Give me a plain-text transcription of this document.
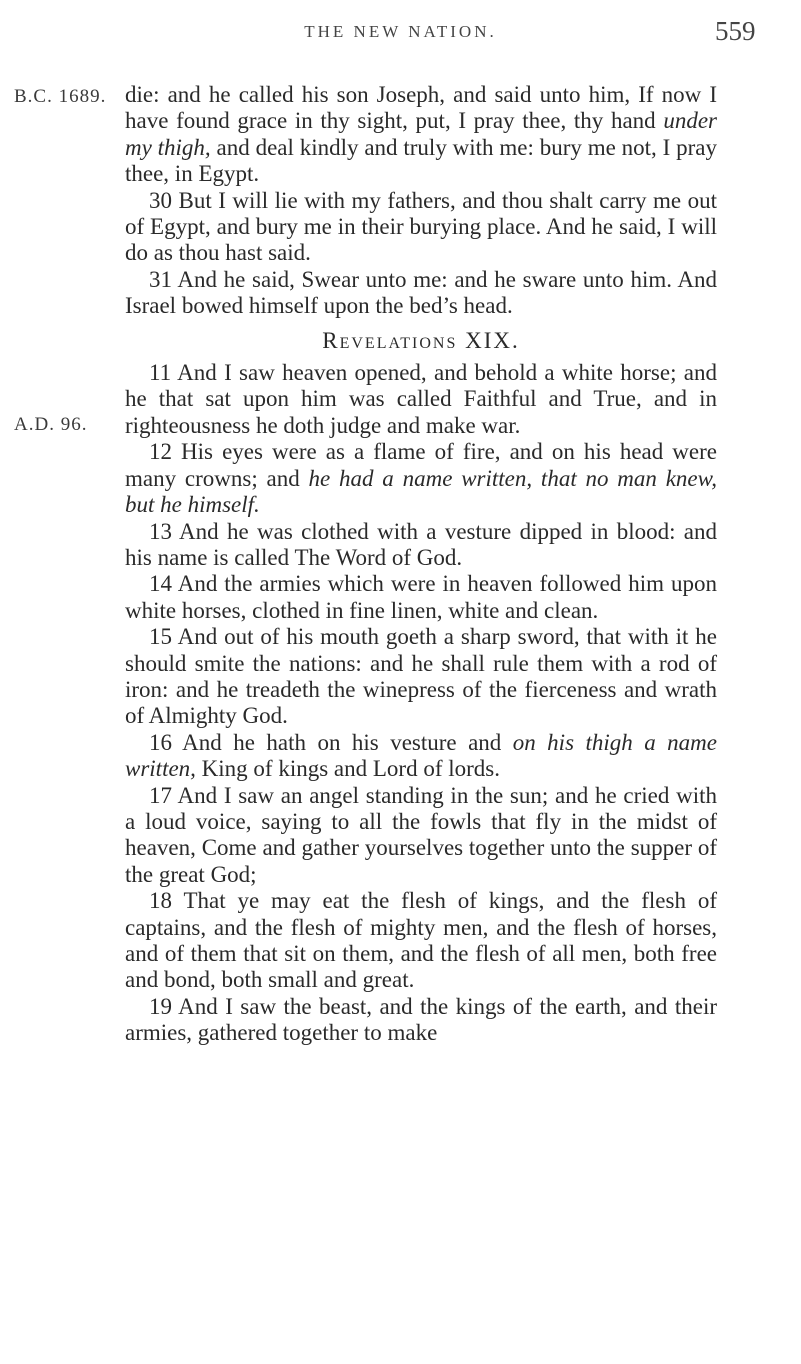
THE NEW NATION.	559
B.C. 1689.
A.D. 96.

die: and he called his son Joseph, and said unto him, If now I have found grace in thy sight, put, I pray thee, thy hand under my thigh, and deal kindly and truly with me: bury me not, I pray thee, in Egypt.

30 But I will lie with my fathers, and thou shalt carry me out of Egypt, and bury me in their burying place. And he said, I will do as thou hast said.

31 And he said, Swear unto me: and he sware unto him. And Israel bowed himself upon the bed’s head.

Revelations XIX.

11 And I saw heaven opened, and behold a white horse; and he that sat upon him was called Faithful and True, and in righteousness he doth judge and make war.

12 His eyes were as a flame of fire, and on his head were many crowns; and he had a name written, that no man knew, but he himself.

13 And he was clothed with a vesture dipped in blood: and his name is called The Word of God.

14 And the armies which were in heaven followed him upon white horses, clothed in fine linen, white and clean.

15 And out of his mouth goeth a sharp sword, that with it he should smite the nations: and he shall rule them with a rod of iron: and he treadeth the winepress of the fierceness and wrath of Almighty God.

16 And he hath on his vesture and on his thigh a name written, King of kings and Lord of lords.

17 And I saw an angel standing in the sun; and he cried with a loud voice, saying to all the fowls that fly in the midst of heaven, Come and gather yourselves together unto the supper of the great God;

18 That ye may eat the flesh of kings, and the flesh of captains, and the flesh of mighty men, and the flesh of horses, and of them that sit on them, and the flesh of all men, both free and bond, both small and great.

19 And I saw the beast, and the kings of the earth, and their armies, gathered together to make
